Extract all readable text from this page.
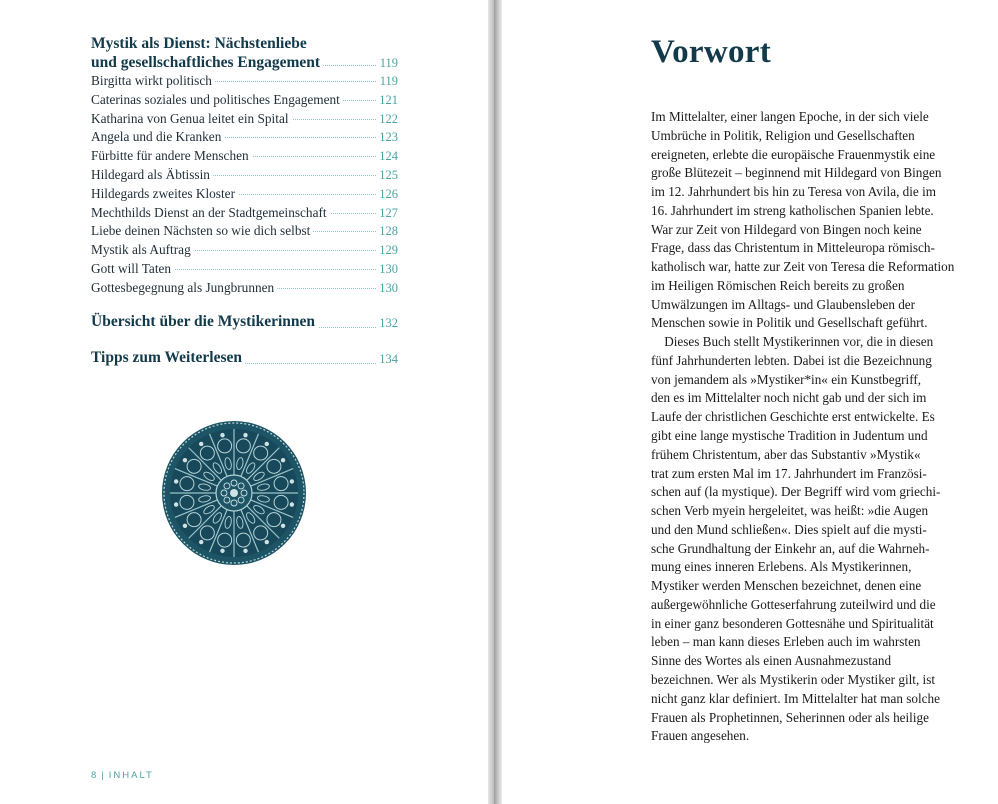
Mystik als Dienst: Nächstenliebe
und gesellschaftliches Engagement	119
Birgitta wirkt politisch	119
Caterinas soziales und politisches Engagement	121
Katharina von Genua leitet ein Spital	122
Angela und die Kranken	123
Fürbitte für andere Menschen	124
Hildegard als Äbtissin	125
Hildegards zweites Kloster	126
Mechthilds Dienst an der Stadtgemeinschaft	127
Liebe deinen Nächsten so wie dich selbst	128
Mystik als Auftrag	129
Gott will Taten	130
Gottesbegegnung als Jungbrunnen	130
Übersicht über die Mystikerinnen	132
Tipps zum Weiterlesen	134
8 | INHALT
Vorwort
Im Mittelalter, einer langen Epoche, in der sich viele
Umbrüche in Politik, Religion und Gesellschaften
ereigneten, erlebte die europäische Frauenmystik eine
große Blütezeit – beginnend mit Hildegard von Bingen
im 12. Jahrhundert bis hin zu Teresa von Avila, die im
16. Jahrhundert im streng katholischen Spanien lebte.
War zur Zeit von Hildegard von Bingen noch keine
Frage, dass das Christentum in Mitteleuropa römisch-
katholisch war, hatte zur Zeit von Teresa die Reformation
im Heiligen Römischen Reich bereits zu großen
Umwälzungen im Alltags- und Glaubensleben der
Menschen sowie in Politik und Gesellschaft geführt.
Dieses Buch stellt Mystikerinnen vor, die in diesen
fünf Jahrhunderten lebten. Dabei ist die Bezeichnung
von jemandem als »Mystiker*in« ein Kunstbegriff,
den es im Mittelalter noch nicht gab und der sich im
Laufe der christlichen Geschichte erst entwickelte. Es
gibt eine lange mystische Tradition in Judentum und
frühem Christentum, aber das Substantiv »Mystik«
trat zum ersten Mal im 17. Jahrhundert im Französi-
schen auf (la mystique). Der Begriff wird vom griechi-
schen Verb myein hergeleitet, was heißt: »die Augen
und den Mund schließen«. Dies spielt auf die mysti-
sche Grundhaltung der Einkehr an, auf die Wahrneh-
mung eines inneren Erlebens. Als Mystikerinnen,
Mystiker werden Menschen bezeichnet, denen eine
außergewöhnliche Gotteserfahrung zuteilwird und die
in einer ganz besonderen Gottesnähe und Spiritualität
leben – man kann dieses Erleben auch im wahrsten
Sinne des Wortes als einen Ausnahmezustand
bezeichnen. Wer als Mystikerin oder Mystiker gilt, ist
nicht ganz klar definiert. Im Mittelalter hat man solche
Frauen als Prophetinnen, Seherinnen oder als heilige
Frauen angesehen.
